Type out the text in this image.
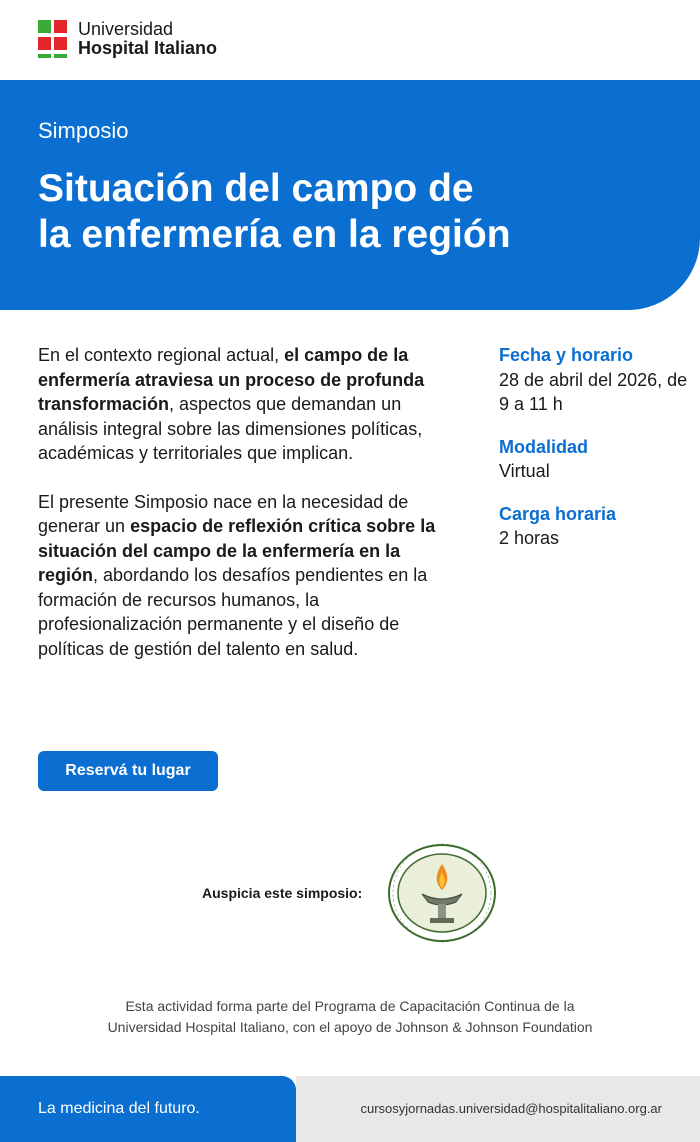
Universidad
Hospital Italiano
Simposio
Situación del campo de
la enfermería en la región

En el contexto regional actual, el campo de la enfermería atraviesa un proceso de profunda transformación, aspectos que demandan un análisis integral sobre las dimensiones políticas, académicas y territoriales que implican.

El presente Simposio nace en la necesidad de generar un espacio de reflexión crítica sobre la situación del campo de la enfermería en la región, abordando los desafíos pendientes en la formación de recursos humanos, la profesionalización permanente y el diseño de políticas de gestión del talento en salud.

Fecha y horario
28 de abril del 2026, de 9 a 11 h
Modalidad
Virtual
Carga horaria
2 horas
Reservá tu lugar
Auspicia este simposio:
Esta actividad forma parte del Programa de Capacitación Continua de la
Universidad Hospital Italiano, con el apoyo de Johnson & Johnson Foundation
La medicina del futuro.	cursosyjornadas.universidad@hospitalitaliano.org.ar
